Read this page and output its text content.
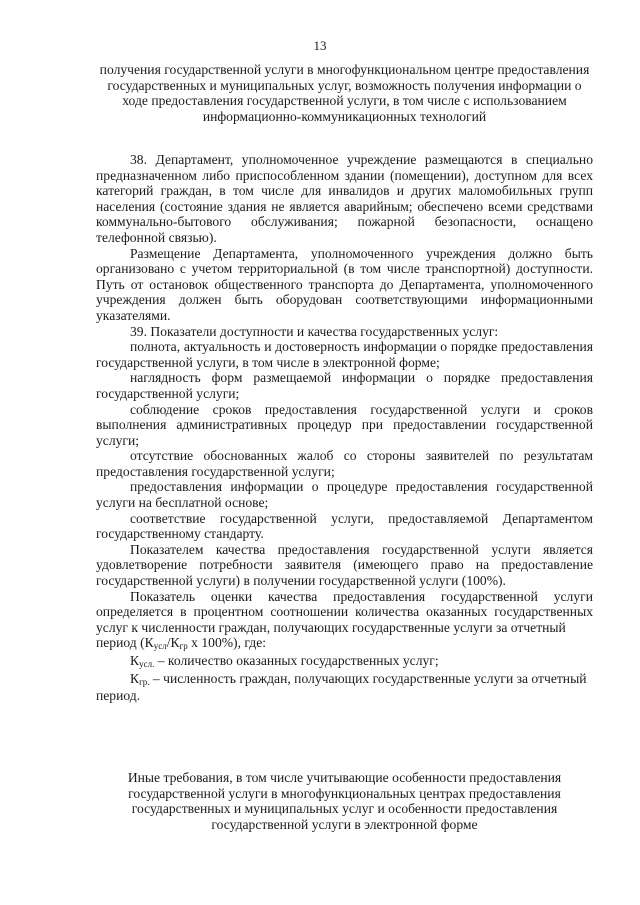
13
получения государственной услуги в многофункциональном центре предоставления государственных и муниципальных услуг, возможность получения информации о ходе предоставления государственной услуги, в том числе с использованием информационно-коммуникационных технологий

38. Департамент, уполномоченное учреждение размещаются в специально предназначенном либо приспособленном здании (помещении), доступном для всех категорий граждан, в том числе для инвалидов и других маломобильных групп населения (состояние здания не является аварийным; обеспечено всеми средствами коммунально-бытового обслуживания; пожарной безопасности, оснащено телефонной связью).

Размещение Департамента, уполномоченного учреждения должно быть организовано с учетом территориальной (в том числе транспортной) доступности. Путь от остановок общественного транспорта до Департамента, уполномоченного учреждения должен быть оборудован соответствующими информационными указателями.

39. Показатели доступности и качества государственных услуг:

полнота, актуальность и достоверность информации о порядке предоставления государственной услуги, в том числе в электронной форме;

наглядность форм размещаемой информации о порядке предоставления государственной услуги;

соблюдение сроков предоставления государственной услуги и сроков выполнения административных процедур при предоставлении государственной услуги;

отсутствие обоснованных жалоб со стороны заявителей по результатам предоставления государственной услуги;

предоставления информации о процедуре предоставления государственной услуги на бесплатной основе;

соответствие государственной услуги, предоставляемой Департаментом государственному стандарту.

Показателем качества предоставления государственной услуги является удовлетворение потребности заявителя (имеющего право на предоставление государственной услуги) в получении государственной услуги (100%).

Показатель оценки качества предоставления государственной услуги определяется в процентном соотношении количества оказанных государственных услуг к численности граждан, получающих государственные услуги за отчетный

период ($К_{усл}/К_{гр}$ х 100%), где:

$К_{усл.}$ – количество оказанных государственных услуг;

$К_{гр.}$ – численность граждан, получающих государственные услуги за отчетный

период.

Иные требования, в том числе учитывающие особенности предоставления государственной услуги в многофункциональных центрах предоставления государственных и муниципальных услуг и особенности предоставления государственной услуги в электронной форме
